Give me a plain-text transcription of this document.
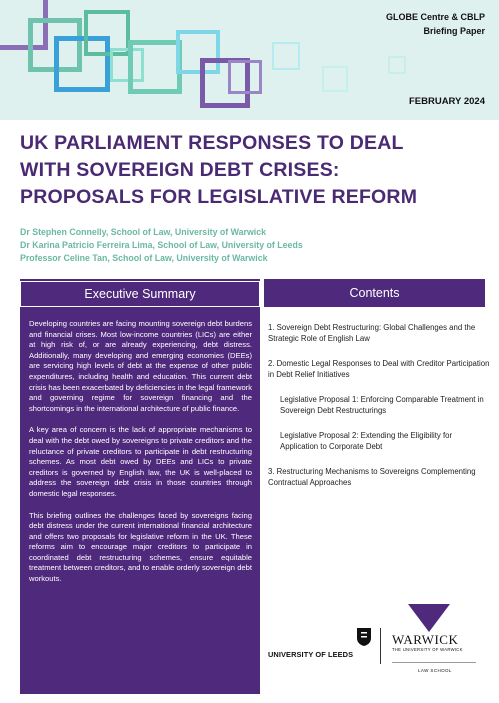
GLOBE Centre & CBLP
Briefing Paper
FEBRUARY 2024
UK PARLIAMENT RESPONSES TO DEAL
WITH SOVEREIGN DEBT CRISES:
PROPOSALS FOR LEGISLATIVE REFORM
Dr Stephen Connelly, School of Law, University of Warwick
Dr Karina Patricio Ferreira Lima, School of Law, University of Leeds
Professor Celine Tan, School of Law, University of Warwick
Executive Summary

Developing countries are facing mounting sovereign debt burdens and financial crises. Most low-income countries (LICs) are either at high risk of, or are already experiencing, debt distress. Additionally, many developing and emerging economies (DEEs) are servicing high levels of debt at the expense of other public expenditures, including health and education. This current debt crisis has been exacerbated by deficiencies in the legal framework and governing regime for sovereign financing and the shortcomings in the international architecture of public finance.

A key area of concern is the lack of appropriate mechanisms to deal with the debt owed by sovereigns to private creditors and the reluctance of private creditors to participate in debt restructuring schemes. As most debt owed by DEEs and LICs to private creditors is governed by English law, the UK is well-placed to address the sovereign debt crisis in those countries through domestic legal responses.

This briefing outlines the challenges faced by sovereigns facing debt distress under the current international financial architecture and offers two proposals for legislative reform in the UK. These reforms aim to encourage major creditors to participate in coordinated debt restructuring schemes, ensure equitable treatment between creditors, and to enable orderly sovereign debt workouts.

Contents
1. Sovereign Debt Restructuring: Global Challenges and the Strategic Role of English Law
2. Domestic Legal Responses to Deal with Creditor Participation in Debt Relief Initiatives
Legislative Proposal 1: Enforcing Comparable Treatment in Sovereign Debt Restructurings
Legislative Proposal 2: Extending the Eligibility for Application to Corporate Debt
3. Restructuring Mechanisms to Sovereigns Complementing Contractual Approaches
UNIVERSITY OF LEEDS
WARWICK
THE UNIVERSITY OF WARWICK
LAW SCHOOL
